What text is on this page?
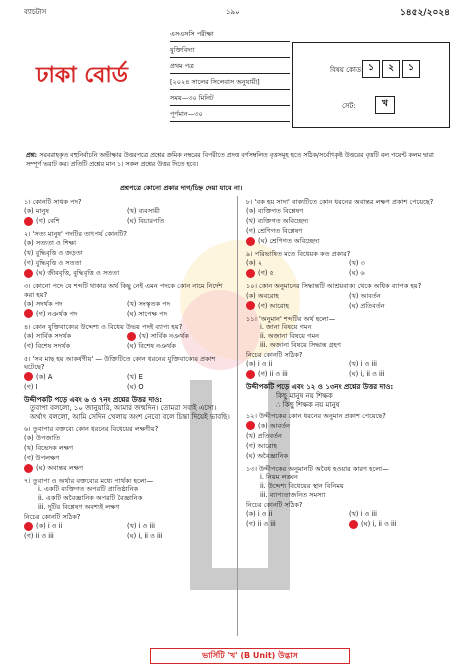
ব্যাচটাস	১৯০	১৪৫২/২০২৪
ঢাকা বোর্ড
এসএসসি পরীক্ষা
যুক্তিবিদ্যা
প্রথম পত্র
[২০২৪ সালের সিলেবাস অনুযায়ী]
সময়—৩০ মিনিট
পূর্ণমান—৩০
বিষয় কোড: ১	২	১
সেট:	খ
প্রশ্ন: সরবরাহকৃত বহুনির্বাচনি অভীক্ষার উত্তরপত্রে প্রশ্নের ক্রমিক নম্বরের বিপরীতে প্রদত্ত বর্ণসম্বলিত বৃত্তসমূহ হতে সঠিক/সর্বোৎকৃষ্ট উত্তরের বৃত্তটি বল পয়েন্ট কলম দ্বারা সম্পূর্ণ ভরাট কর। প্রতিটি প্রশ্নের মান ১। সকল প্রশ্নের উত্তর দিতে হবে।
প্রশ্নপত্রে কোনো প্রকার দাগ/চিহ্ন দেয়া যাবে না।
১। কোনটি সাধক পদ?
(ক) মানুষ	(খ) ব্যবসায়ী
(গ) বেশি	(ঘ) বিচারপতি
২। 'সত্য মানুষ' পদটির তাৎপর্য কোনটি?
(ক) সত্যতা ও শিক্ষা
(খ) বুদ্ধিবৃত্তি ও জড়তা
(গ) বুদ্ধিবৃত্তি ও সততা
(ঘ) জীববৃত্তি, বুদ্ধিবৃত্তি ও সততা
৩। কোনো পদে যে শব্দটি থাকার অর্থ কিছু নেই এমন পদকে কোন নামে নির্দেশ করা হয়?
(ক) সদর্থক পদ	(খ) সংস্কৃতক পদ
(গ) নঞর্থক পদ	(ঘ) সাপেক্ষ পদ
৪। কোন যুক্তিবাক্যের উদ্দেশ্য ও বিধেয় উভয় পদই ব্যাপ্য হয়?
(ক) সার্বিক সদর্থক	(খ) সার্বিক নঞর্থক
(গ) বিশেষ সদর্থক	(ঘ) বিশেষ নঞর্থক
৫। 'সব মাছ হয় আকর্ষণীয়' — উক্তিটিতে কোন ধরনের যুক্তিবাক্যের প্রকাশ ঘটেছে?
(ক) A	(খ) E
(গ) I	(ঘ) O
উদ্দীপকটি পড়ে এবং ৬ ও ৭নং প্রশ্নের উত্তর দাও:
তুবাপা বললো, ১০ জানুয়ারি, আমার জন্মদিন। তোমরা সবাই এসো। অর্থাৎ বললো, আমি সেদিন খেলায় অংশ নেবো বলে চিন্তা দিয়েই ভাবছি।
৬। তুবাপার বক্তব্যে কোন ধরনের বিধেয়ের লক্ষণীয়?
(ক) উপজাতি
(খ) বিভেদক লক্ষণ
(গ) উপলক্ষণ
(ঘ) অবান্তর লক্ষণ
৭। তুবাপা ও অর্থার বক্তব্যের মধ্যে পার্থক্য হলো—
i. একটি ব্যক্তিগত অপরটি প্রাতিষ্ঠানিক
ii. একটি অবৈজ্ঞানিক অপরটি বৈজ্ঞানিক
iii. দুটির বিশ্লেষণ অবশ্যই লক্ষণ
নিচের কোনটি সঠিক?
(ক) i ও ii	(খ) i ও iii
(গ) ii ও iii	(ঘ) i, ii ও iii
৮। 'বক হয় সাদা' বাক্যটিতে কোন ধরনের অবান্তর লক্ষণ প্রকাশ পেয়েছে?
(ক) ব্যক্তিগত বিশ্লেষণ
(খ) ব্যক্তিগত অবিচ্ছেদ্য
(গ) শ্রেণিগত বিশ্লেষণ
(ঘ) শ্রেণিগত অবিচ্ছেদ্য
৯। পরিভাষিত মতে বিধেয়ক কত প্রকার?
(ক) ২	(খ) ৩
(গ) ৫	(ঘ) ৬
১০। কোন অনুমানের সিদ্ধান্তটি আশ্রয়বাক্য থেকে অধিক ব্যাপক হয়?
(ক) অবরোহ	(খ) আবর্তন
(গ) আরোহ	(ঘ) প্রতিবর্তন
১১। 'অনুমান' শব্দটির অর্থ হলো—
i. জানা বিষয়ে গমন
ii. অজানা বিষয়ে গমন
iii. অজানা বিষয়ে সিদ্ধান্ত গ্রহণ
নিচের কোনটি সঠিক?
(ক) i ও ii	(খ) i ও iii
(গ) ii ও iii	(ঘ) i, ii ও iii
উদ্দীপকটি পড়ে এবং ১২ ও ১৩নং প্রশ্নের উত্তর দাও:
কিছু মানুষ নয় শিক্ষক
∴ কিছু শিক্ষক নয় মানুষ
১২। উদ্দীপকের কোন ধরনের অনুমান প্রকাশ পেয়েছে?
(ক) আবর্তন
(খ) প্রতিবর্তন
(গ) আরোহ
(ঘ) অবৈজ্ঞানিক
১৩। উদ্দীপকের অনুমানটি অবৈধ হওয়ার কারণ হলো—
i. নিয়ম লঙ্ঘন
ii. উদ্দেশ্য বিধেয়ের স্থান বিনিময়
iii. ব্যাপ্যতাজনিত সমস্যা
নিচের কোনটি সঠিক?
(ক) i ও ii	(খ) i ও iii
(গ) ii ও iii	(ঘ) i, ii ও iii
ভার্সিটি 'খ' (B Unit) উদ্ভাস
